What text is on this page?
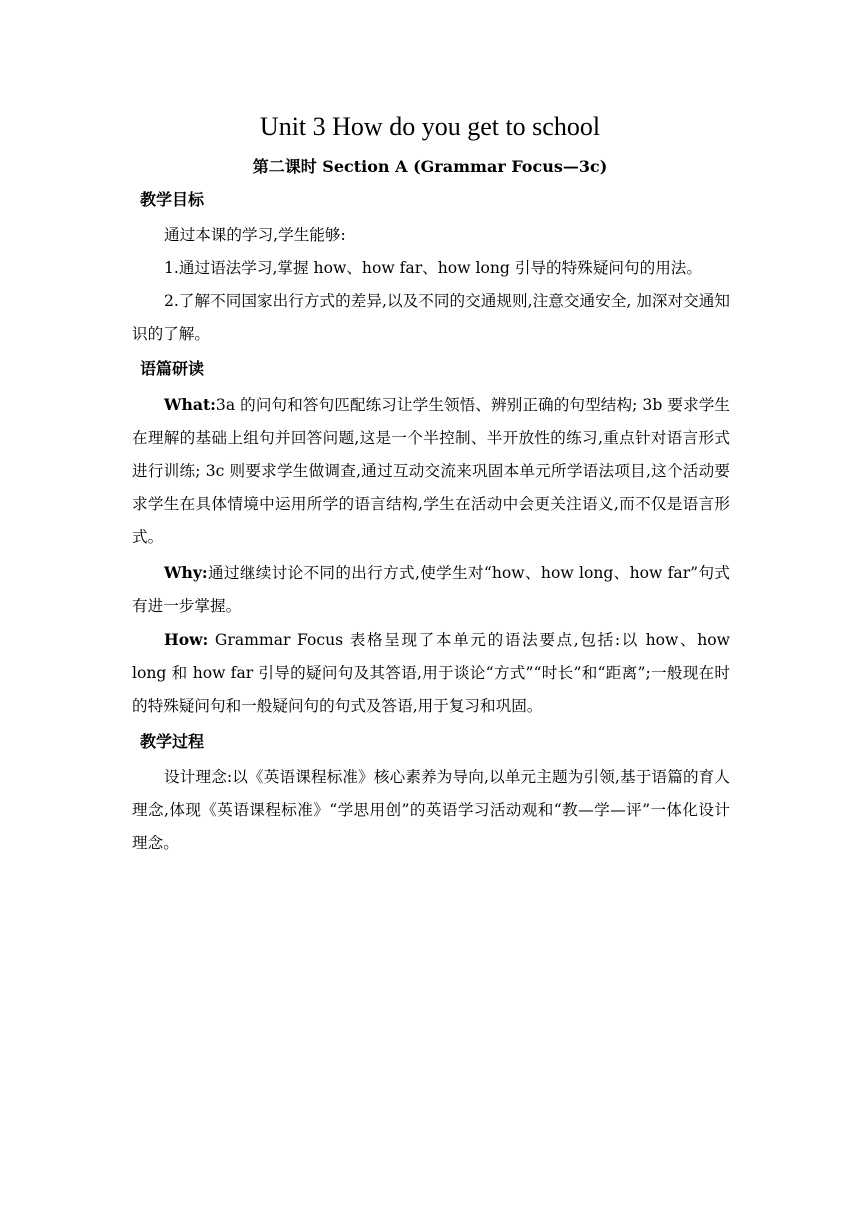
Unit 3 How do you get to school
第二课时 Section A (Grammar Focus—3c)
教学目标

通过本课的学习,学生能够:

1.通过语法学习,掌握 how、how far、how long 引导的特殊疑问句的用法。

2.了解不同国家出行方式的差异,以及不同的交通规则,注意交通安全, 加深对交通知识的了解。

语篇研读

What:3a 的问句和答句匹配练习让学生领悟、辨别正确的句型结构; 3b 要求学生在理解的基础上组句并回答问题,这是一个半控制、半开放性的练习,重点针对语言形式进行训练; 3c 则要求学生做调查,通过互动交流来巩固本单元所学语法项目,这个活动要求学生在具体情境中运用所学的语言结构,学生在活动中会更关注语义,而不仅是语言形式。

Why:通过继续讨论不同的出行方式,使学生对“how、how long、how far”句式有进一步掌握。

How: Grammar Focus 表格呈现了本单元的语法要点,包括:以 how、how long 和 how far 引导的疑问句及其答语,用于谈论“方式”“时长”和“距离”;一般现在时的特殊疑问句和一般疑问句的句式及答语,用于复习和巩固。

教学过程

设计理念:以《英语课程标准》核心素养为导向,以单元主题为引领,基于语篇的育人理念,体现《英语课程标准》“学思用创”的英语学习活动观和“教—学—评”一体化设计理念。
